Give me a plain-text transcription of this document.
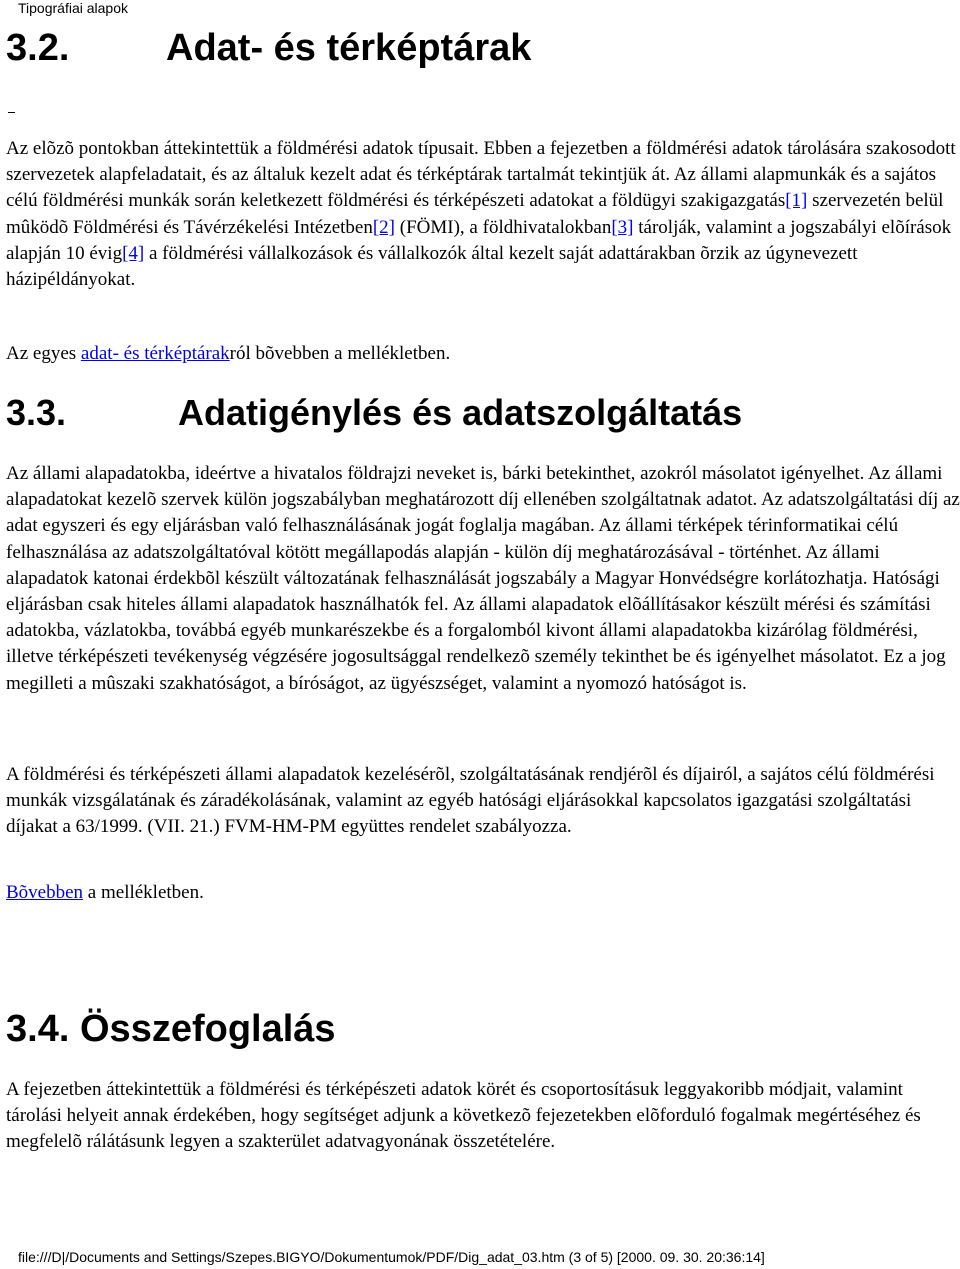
Tipográfiai alapok
3.2.	Adat- és térképtárak

Az elõzõ pontokban áttekintettük a földmérési adatok típusait. Ebben a fejezetben a földmérési adatok tárolására szakosodott szervezetek alapfeladatait, és az általuk kezelt adat és térképtárak tartalmát tekintjük át. Az állami alapmunkák és a sajátos célú földmérési munkák során keletkezett földmérési és térképészeti adatokat a földügyi szakigazgatás[1] szervezetén belül mûködõ Földmérési és Távérzékelési Intézetben[2] (FÖMI), a földhivatalokban[3] tárolják, valamint a jogszabályi elõírások alapján 10 évig[4] a földmérési vállalkozások és vállalkozók által kezelt saját adattárakban õrzik az úgynevezett házipéldányokat.

Az egyes adat- és térképtárakról bõvebben a mellékletben.

3.3.	Adatigénylés és adatszolgáltatás

Az állami alapadatokba, ideértve a hivatalos földrajzi neveket is, bárki betekinthet, azokról másolatot igényelhet. Az állami alapadatokat kezelõ szervek külön jogszabályban meghatározott díj ellenében szolgáltatnak adatot. Az adatszolgáltatási díj az adat egyszeri és egy eljárásban való felhasználásának jogát foglalja magában. Az állami térképek térinformatikai célú felhasználása az adatszolgáltatóval kötött megállapodás alapján - külön díj meghatározásával - történhet. Az állami alapadatok katonai érdekbõl készült változatának felhasználását jogszabály a Magyar Honvédségre korlátozhatja. Hatósági eljárásban csak hiteles állami alapadatok használhatók fel. Az állami alapadatok elõállításakor készült mérési és számítási adatokba, vázlatokba, továbbá egyéb munkarészekbe és a forgalomból kivont állami alapadatokba kizárólag földmérési, illetve térképészeti tevékenység végzésére jogosultsággal rendelkezõ személy tekinthet be és igényelhet másolatot. Ez a jog megilleti a mûszaki szakhatóságot, a bíróságot, az ügyészséget, valamint a nyomozó hatóságot is.

A földmérési és térképészeti állami alapadatok kezelésérõl, szolgáltatásának rendjérõl és díjairól, a sajátos célú földmérési munkák vizsgálatának és záradékolásának, valamint az egyéb hatósági eljárásokkal kapcsolatos igazgatási szolgáltatási díjakat a 63/1999. (VII. 21.) FVM-HM-PM együttes rendelet szabályozza.

Bõvebben a mellékletben.

3.4. Összefoglalás

A fejezetben áttekintettük a földmérési és térképészeti adatok körét és csoportosításuk leggyakoribb módjait, valamint tárolási helyeit annak érdekében, hogy segítséget adjunk a következõ fejezetekben elõforduló fogalmak megértéséhez és megfelelõ rálátásunk legyen a szakterület adatvagyonának összetételére.

file:///D|/Documents and Settings/Szepes.BIGYO/Dokumentumok/PDF/Dig_adat_03.htm (3 of 5) [2000. 09. 30. 20:36:14]
